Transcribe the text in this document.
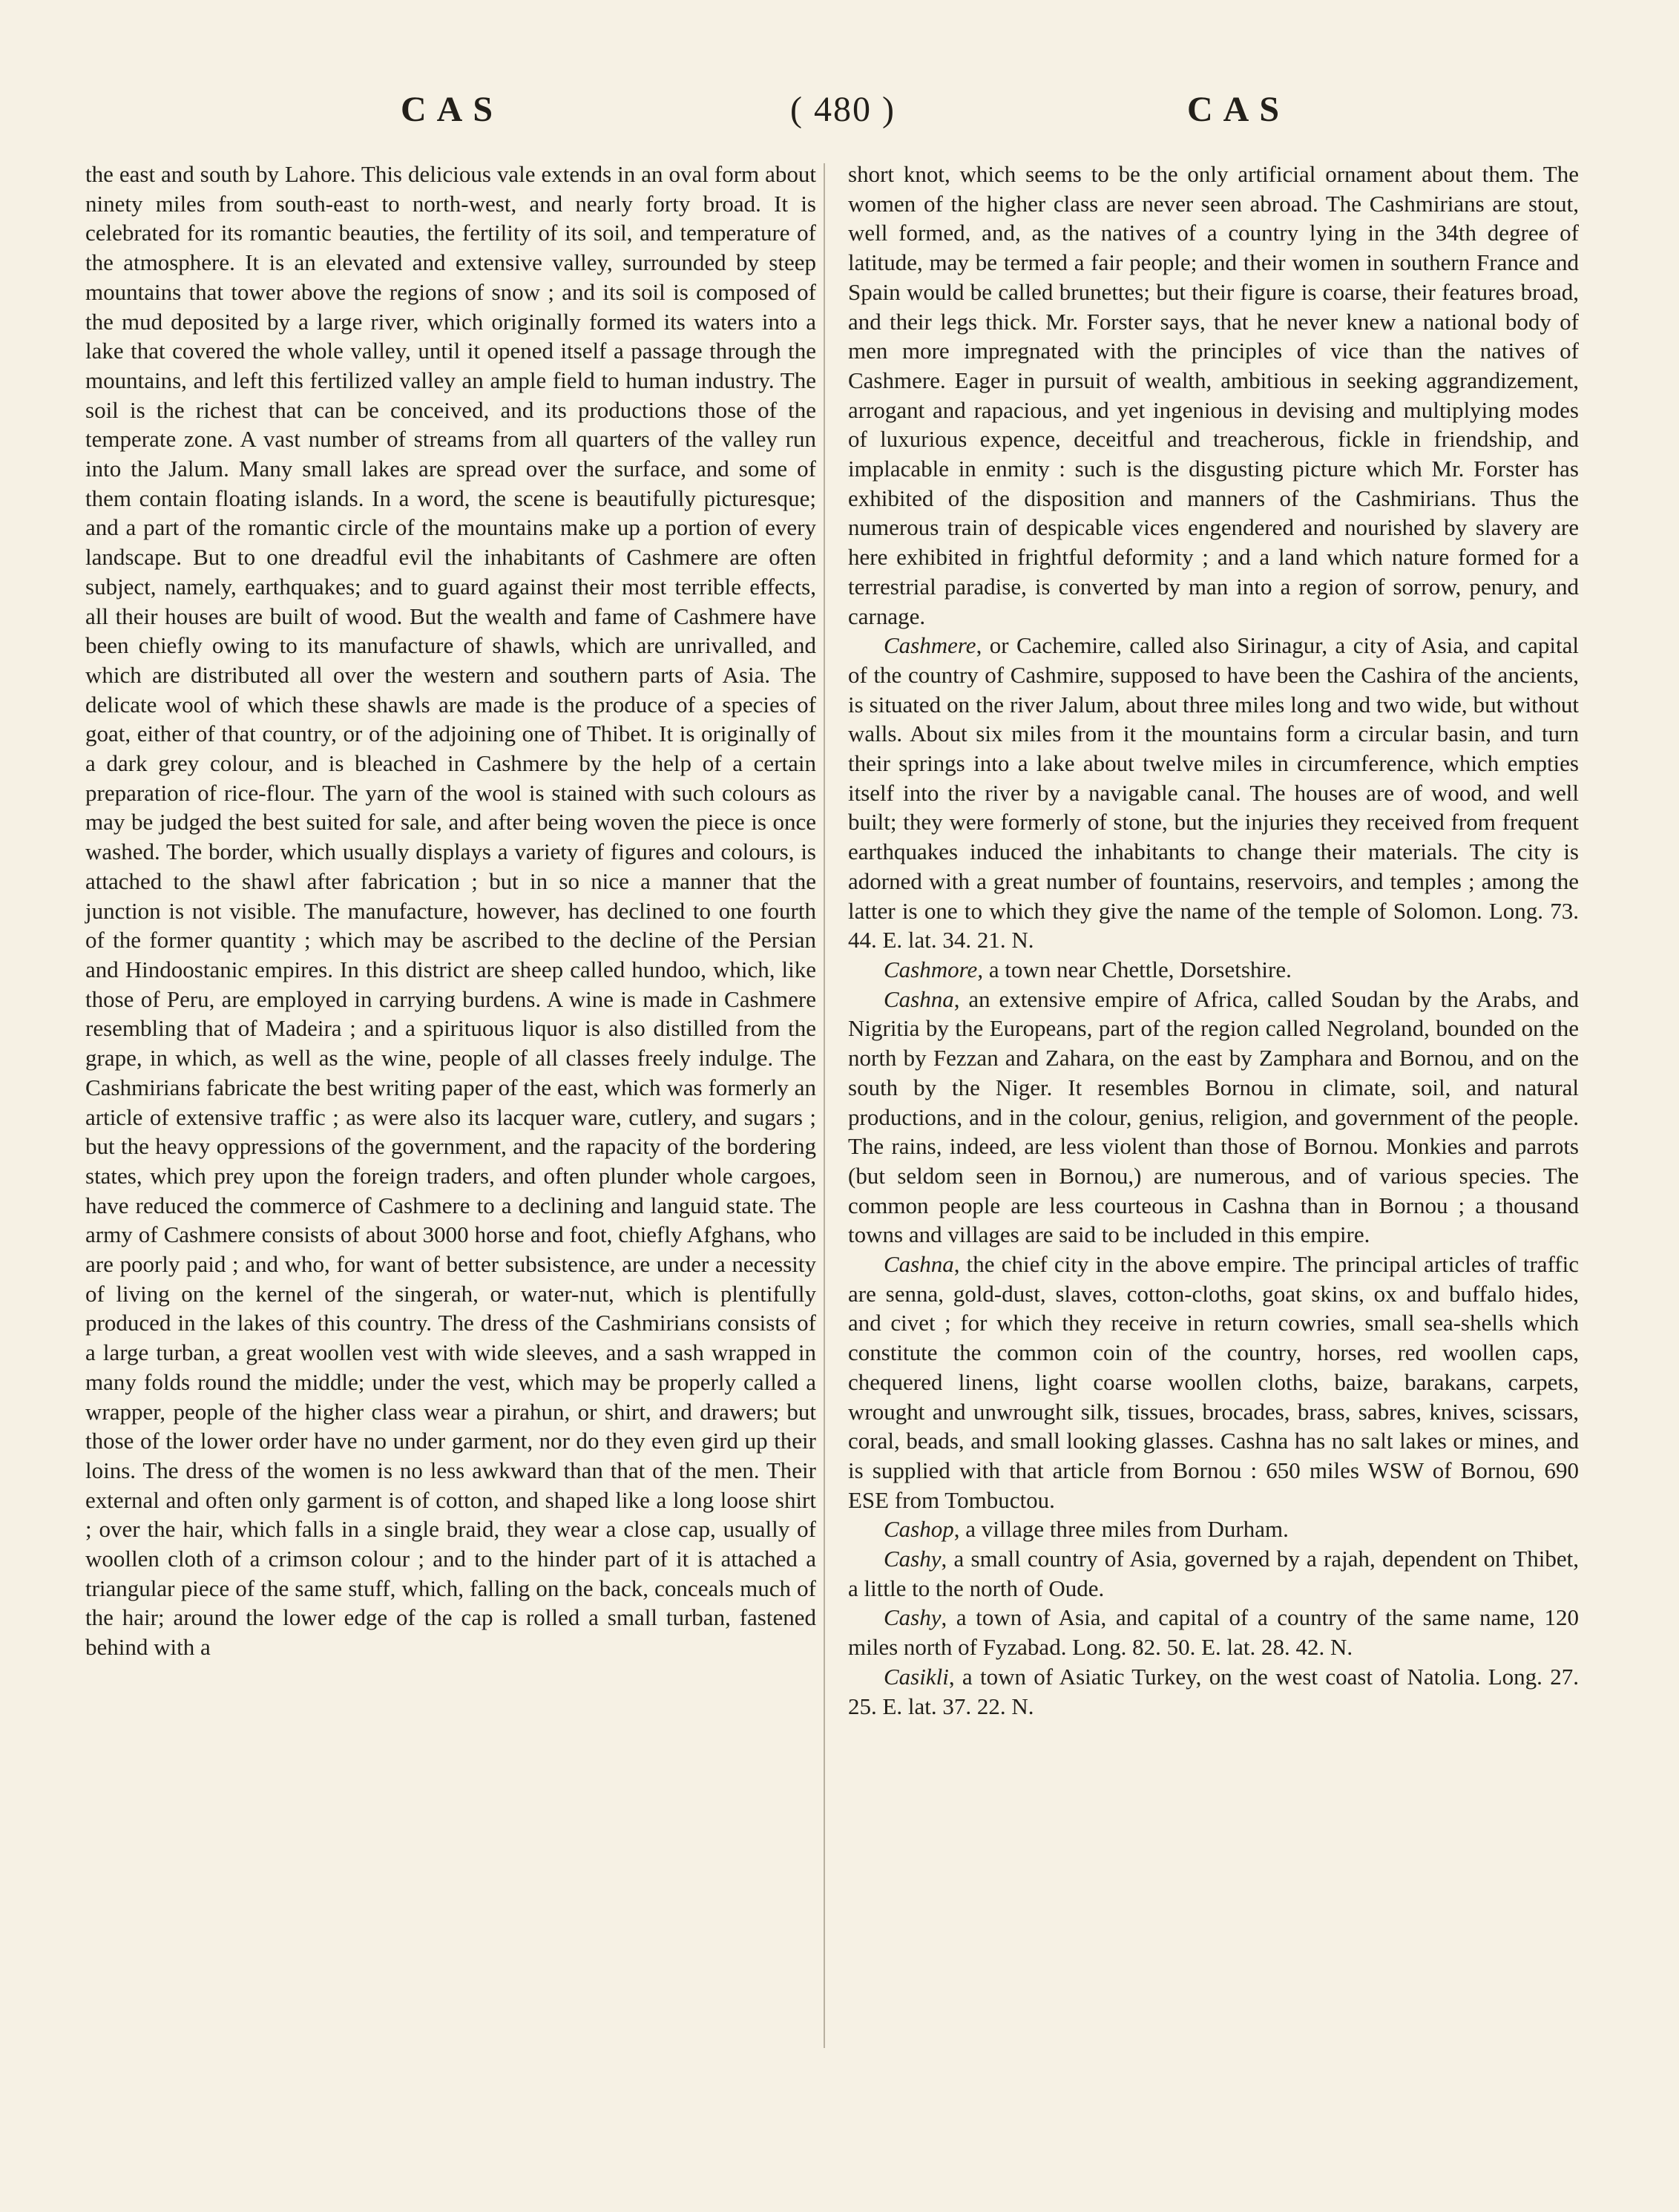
CAS	( 480 )	CAS

the east and south by Lahore. This delicious vale extends in an oval form about ninety miles from south-east to north-west, and nearly forty broad. It is celebrated for its romantic beauties, the fertility of its soil, and temperature of the atmosphere. It is an elevated and extensive valley, surrounded by steep mountains that tower above the regions of snow ; and its soil is composed of the mud deposited by a large river, which originally formed its waters into a lake that covered the whole valley, until it opened itself a passage through the mountains, and left this fertilized valley an ample field to human industry. The soil is the richest that can be conceived, and its productions those of the temperate zone. A vast number of streams from all quarters of the valley run into the Jalum. Many small lakes are spread over the surface, and some of them contain floating islands. In a word, the scene is beautifully picturesque; and a part of the romantic circle of the mountains make up a portion of every landscape. But to one dreadful evil the inhabitants of Cashmere are often subject, namely, earthquakes; and to guard against their most terrible effects, all their houses are built of wood. But the wealth and fame of Cashmere have been chiefly owing to its manufacture of shawls, which are unrivalled, and which are distributed all over the western and southern parts of Asia. The delicate wool of which these shawls are made is the produce of a species of goat, either of that country, or of the adjoining one of Thibet. It is originally of a dark grey colour, and is bleached in Cashmere by the help of a certain preparation of rice-flour. The yarn of the wool is stained with such colours as may be judged the best suited for sale, and after being woven the piece is once washed. The border, which usually displays a variety of figures and colours, is attached to the shawl after fabrication ; but in so nice a manner that the junction is not visible. The manufacture, however, has declined to one fourth of the former quantity ; which may be ascribed to the decline of the Persian and Hindoostanic empires. In this district are sheep called hundoo, which, like those of Peru, are employed in carrying burdens. A wine is made in Cashmere resembling that of Madeira ; and a spirituous liquor is also distilled from the grape, in which, as well as the wine, people of all classes freely indulge. The Cashmirians fabricate the best writing paper of the east, which was formerly an article of extensive traffic ; as were also its lacquer ware, cutlery, and sugars ; but the heavy oppressions of the government, and the rapacity of the bordering states, which prey upon the foreign traders, and often plunder whole cargoes, have reduced the commerce of Cashmere to a declining and languid state. The army of Cashmere consists of about 3000 horse and foot, chiefly Afghans, who are poorly paid ; and who, for want of better subsistence, are under a necessity of living on the kernel of the singerah, or water-nut, which is plentifully produced in the lakes of this country. The dress of the Cashmirians consists of a large turban, a great woollen vest with wide sleeves, and a sash wrapped in many folds round the middle; under the vest, which may be properly called a wrapper, people of the higher class wear a pirahun, or shirt, and drawers; but those of the lower order have no under garment, nor do they even gird up their loins. The dress of the women is no less awkward than that of the men. Their external and often only garment is of cotton, and shaped like a long loose shirt ; over the hair, which falls in a single braid, they wear a close cap, usually of woollen cloth of a crimson colour ; and to the hinder part of it is attached a triangular piece of the same stuff, which, falling on the back, conceals much of the hair; around the lower edge of the cap is rolled a small turban, fastened behind with a

short knot, which seems to be the only artificial ornament about them. The women of the higher class are never seen abroad. The Cashmirians are stout, well formed, and, as the natives of a country lying in the 34th degree of latitude, may be termed a fair people; and their women in southern France and Spain would be called brunettes; but their figure is coarse, their features broad, and their legs thick. Mr. Forster says, that he never knew a national body of men more impregnated with the principles of vice than the natives of Cashmere. Eager in pursuit of wealth, ambitious in seeking aggrandizement, arrogant and rapacious, and yet ingenious in devising and multiplying modes of luxurious expence, deceitful and treacherous, fickle in friendship, and implacable in enmity : such is the disgusting picture which Mr. Forster has exhibited of the disposition and manners of the Cashmirians. Thus the numerous train of despicable vices engendered and nourished by slavery are here exhibited in frightful deformity ; and a land which nature formed for a terrestrial paradise, is converted by man into a region of sorrow, penury, and carnage.

Cashmere, or Cachemire, called also Sirinagur, a city of Asia, and capital of the country of Cashmire, supposed to have been the Cashira of the ancients, is situated on the river Jalum, about three miles long and two wide, but without walls. About six miles from it the mountains form a circular basin, and turn their springs into a lake about twelve miles in circumference, which empties itself into the river by a navigable canal. The houses are of wood, and well built; they were formerly of stone, but the injuries they received from frequent earthquakes induced the inhabitants to change their materials. The city is adorned with a great number of fountains, reservoirs, and temples ; among the latter is one to which they give the name of the temple of Solomon. Long. 73. 44. E. lat. 34. 21. N.

Cashmore, a town near Chettle, Dorsetshire.

Cashna, an extensive empire of Africa, called Soudan by the Arabs, and Nigritia by the Europeans, part of the region called Negroland, bounded on the north by Fezzan and Zahara, on the east by Zamphara and Bornou, and on the south by the Niger. It resembles Bornou in climate, soil, and natural productions, and in the colour, genius, religion, and government of the people. The rains, indeed, are less violent than those of Bornou. Monkies and parrots (but seldom seen in Bornou,) are numerous, and of various species. The common people are less courteous in Cashna than in Bornou ; a thousand towns and villages are said to be included in this empire.

Cashna, the chief city in the above empire. The principal articles of traffic are senna, gold-dust, slaves, cotton-cloths, goat skins, ox and buffalo hides, and civet ; for which they receive in return cowries, small sea-shells which constitute the common coin of the country, horses, red woollen caps, chequered linens, light coarse woollen cloths, baize, barakans, carpets, wrought and unwrought silk, tissues, brocades, brass, sabres, knives, scissars, coral, beads, and small looking glasses. Cashna has no salt lakes or mines, and is supplied with that article from Bornou : 650 miles WSW of Bornou, 690 ESE from Tombuctou.

Cashop, a village three miles from Durham.

Cashy, a small country of Asia, governed by a rajah, dependent on Thibet, a little to the north of Oude.

Cashy, a town of Asia, and capital of a country of the same name, 120 miles north of Fyzabad. Long. 82. 50. E. lat. 28. 42. N.

Casikli, a town of Asiatic Turkey, on the west coast of Natolia. Long. 27. 25. E. lat. 37. 22. N.
